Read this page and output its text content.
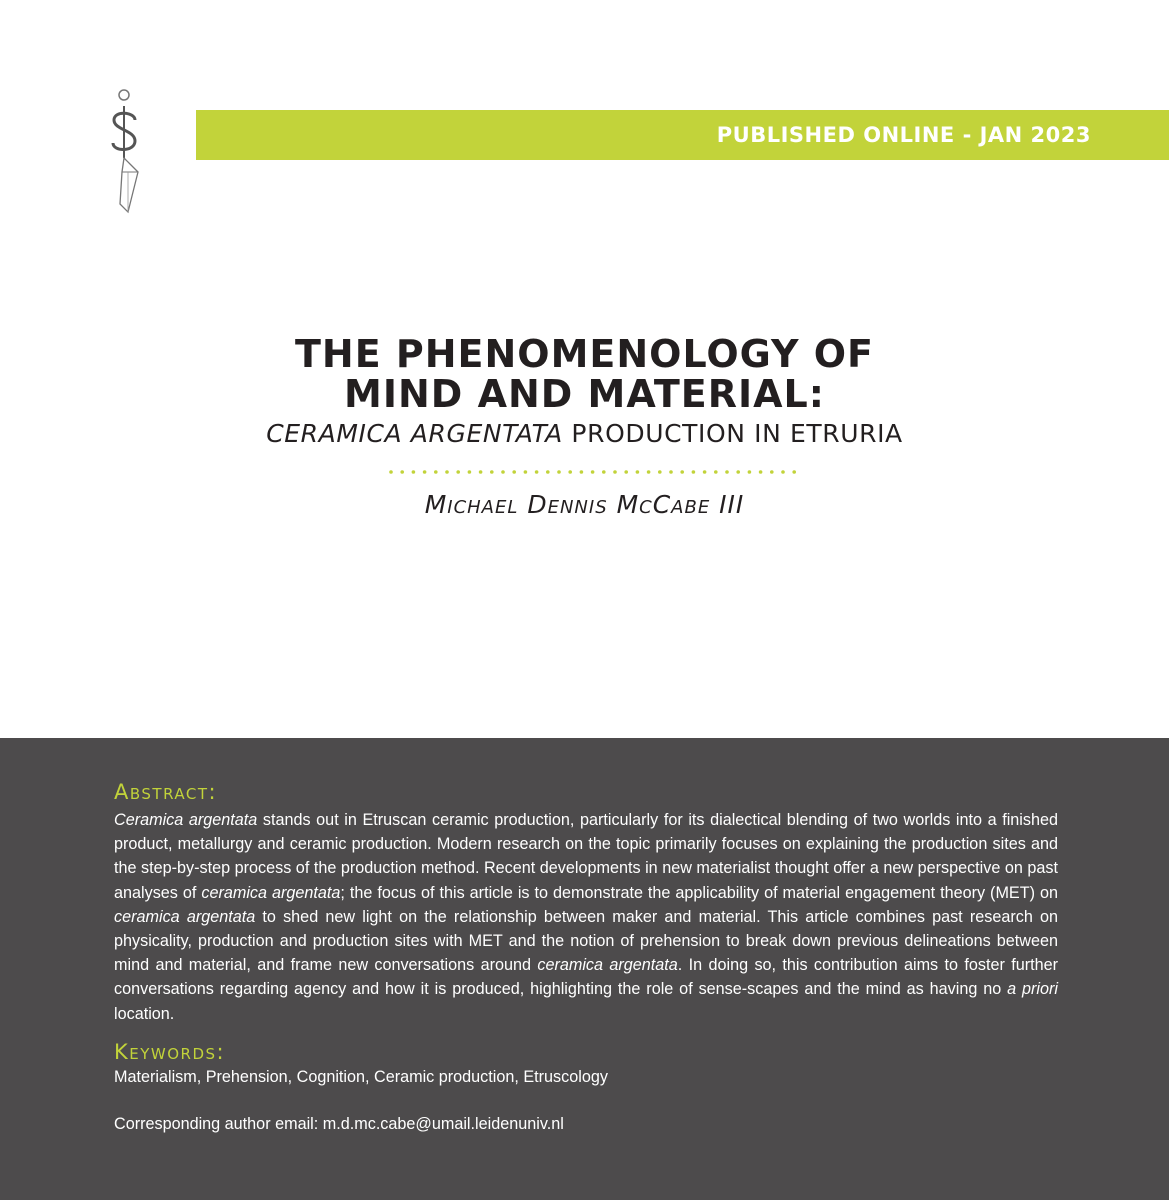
PUBLISHED ONLINE - JAN 2023
THE PHENOMENOLOGY OF
MIND AND MATERIAL:
CERAMICA ARGENTATA PRODUCTION IN ETRURIA
Michael Dennis McCabe III
Abstract:

Ceramica argentata stands out in Etruscan ceramic production, particularly for its dialectical blending of two worlds into a finished product, metallurgy and ceramic production. Modern research on the topic primarily focuses on explaining the production sites and the step-by-step process of the production method. Recent developments in new materialist thought offer a new perspective on past analyses of ceramica argentata; the focus of this article is to demonstrate the applicability of material engagement theory (MET) on ceramica argentata to shed new light on the relationship between maker and material. This article combines past research on physicality, production and production sites with MET and the notion of prehension to break down previous delineations between mind and material, and frame new conversations around ceramica argentata. In doing so, this contribution aims to foster further conversations regarding agency and how it is produced, highlighting the role of sense-scapes and the mind as having no a priori location.

Keywords:
Materialism, Prehension, Cognition, Ceramic production, Etruscology
Corresponding author email: m.d.mc.cabe@umail.leidenuniv.nl
